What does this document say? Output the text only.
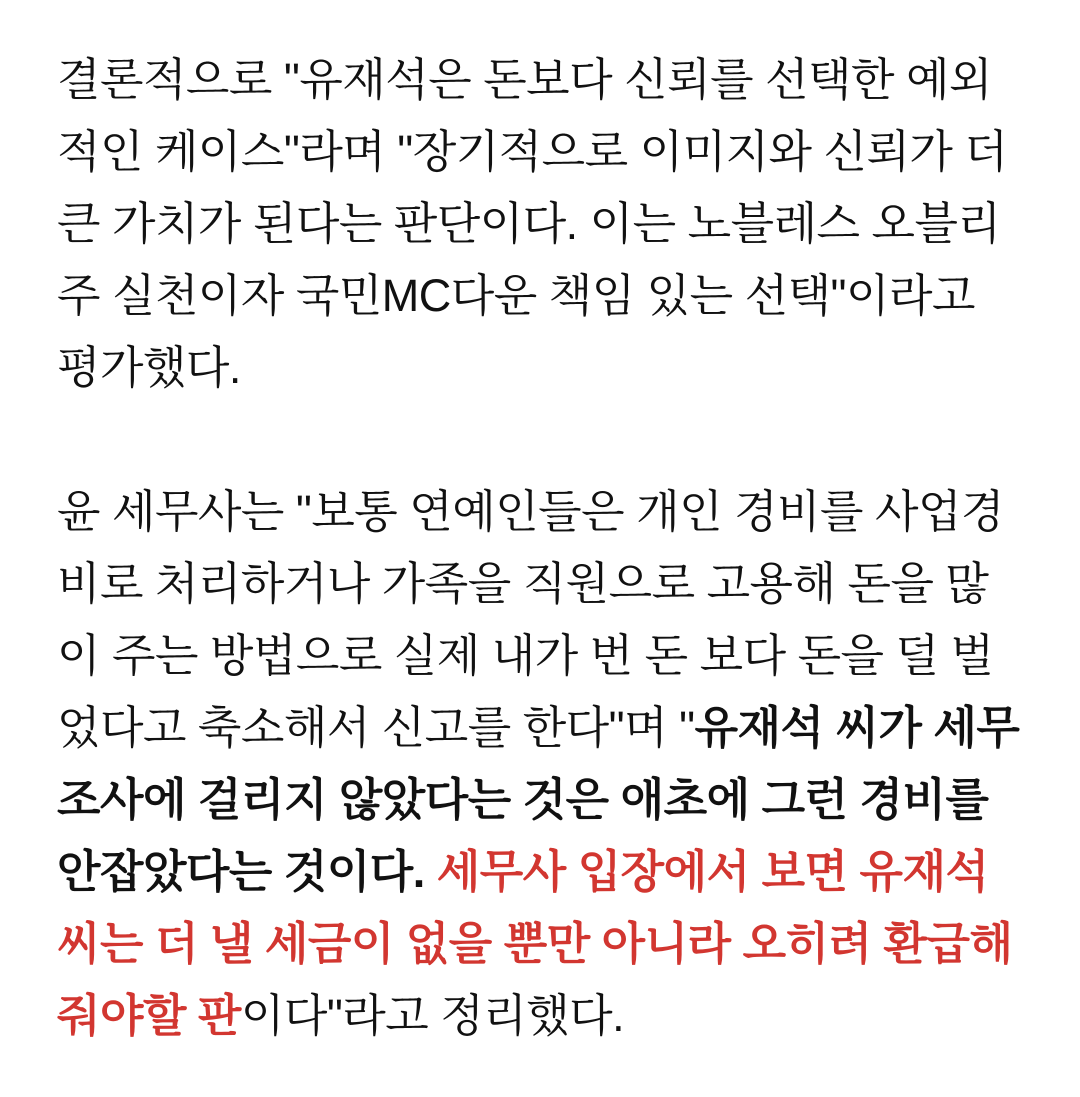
결론적으로 "유재석은 돈보다 신뢰를 선택한 예외적인 케이스"라며 "장기적으로 이미지와 신뢰가 더 큰 가치가 된다는 판단이다. 이는 노블레스 오블리주 실천이자 국민MC다운 책임 있는 선택"이라고 평가했다.

윤 세무사는 "보통 연예인들은 개인 경비를 사업경비로 처리하거나 가족을 직원으로 고용해 돈을 많이 주는 방법으로 실제 내가 번 돈 보다 돈을 덜 벌었다고 축소해서 신고를 한다"며 "유재석 씨가 세무조사에 걸리지 않았다는 것은 애초에 그런 경비를 안잡았다는 것이다. 세무사 입장에서 보면 유재석 씨는 더 낼 세금이 없을 뿐만 아니라 오히려 환급해줘야할 판이다"라고 정리했다.
